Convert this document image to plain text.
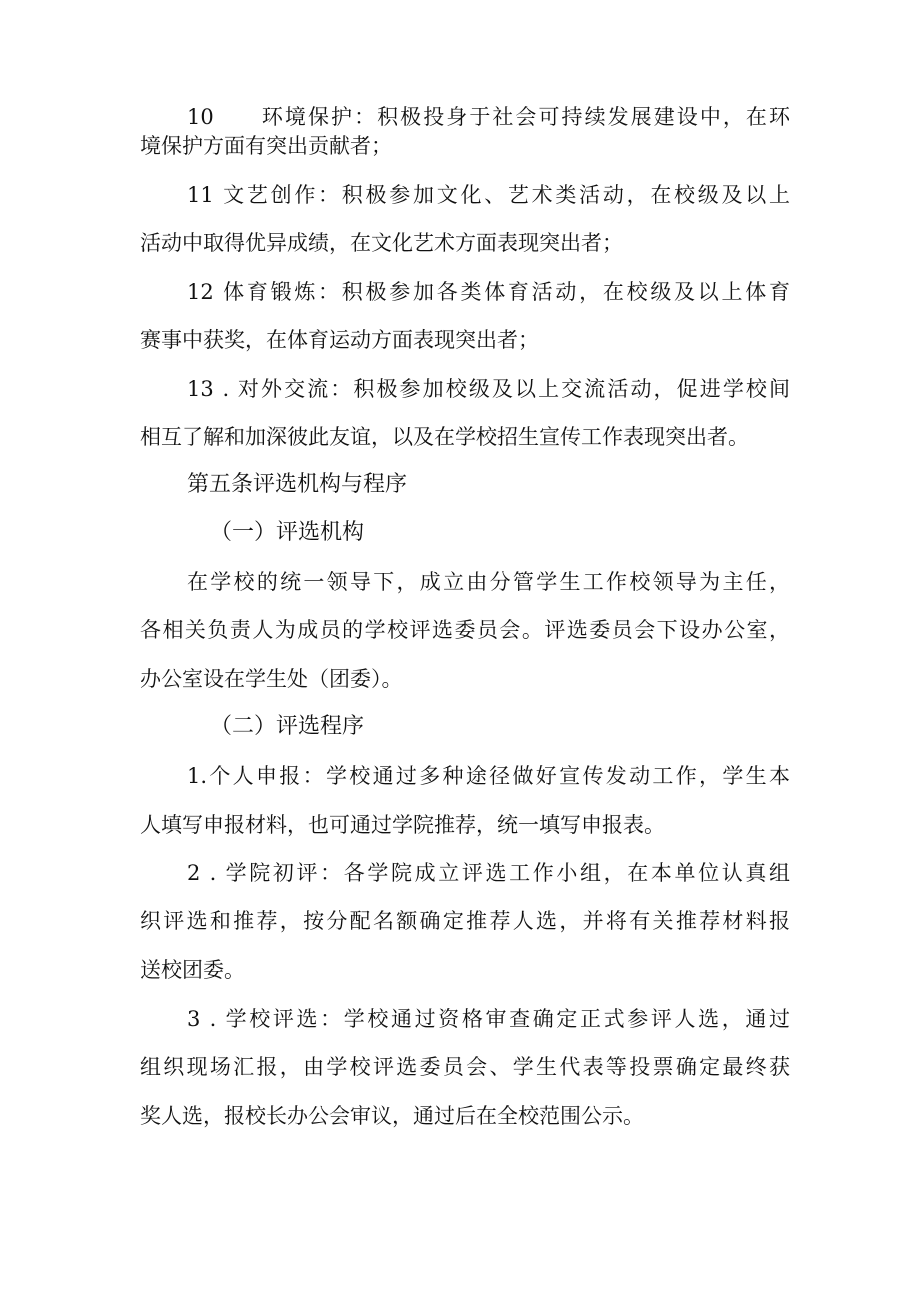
10　　环境保护：积极投身于社会可持续发展建设中，在环
境保护方面有突出贡献者；
11 文艺创作：积极参加文化、艺术类活动，在校级及以上
活动中取得优异成绩，在文化艺术方面表现突出者；
12 体育锻炼：积极参加各类体育活动，在校级及以上体育
赛事中获奖，在体育运动方面表现突出者；
13 . 对外交流：积极参加校级及以上交流活动，促进学校间
相互了解和加深彼此友谊，以及在学校招生宣传工作表现突出者。
第五条评选机构与程序
（一）评选机构
在学校的统一领导下，成立由分管学生工作校领导为主任，
各相关负责人为成员的学校评选委员会。评选委员会下设办公室，
办公室设在学生处（团委）。
（二）评选程序
1.个人申报：学校通过多种途径做好宣传发动工作，学生本
人填写申报材料，也可通过学院推荐，统一填写申报表。
2 . 学院初评：各学院成立评选工作小组，在本单位认真组
织评选和推荐，按分配名额确定推荐人选，并将有关推荐材料报
送校团委。
3 . 学校评选：学校通过资格审查确定正式参评人选，通过
组织现场汇报，由学校评选委员会、学生代表等投票确定最终获
奖人选，报校长办公会审议，通过后在全校范围公示。
